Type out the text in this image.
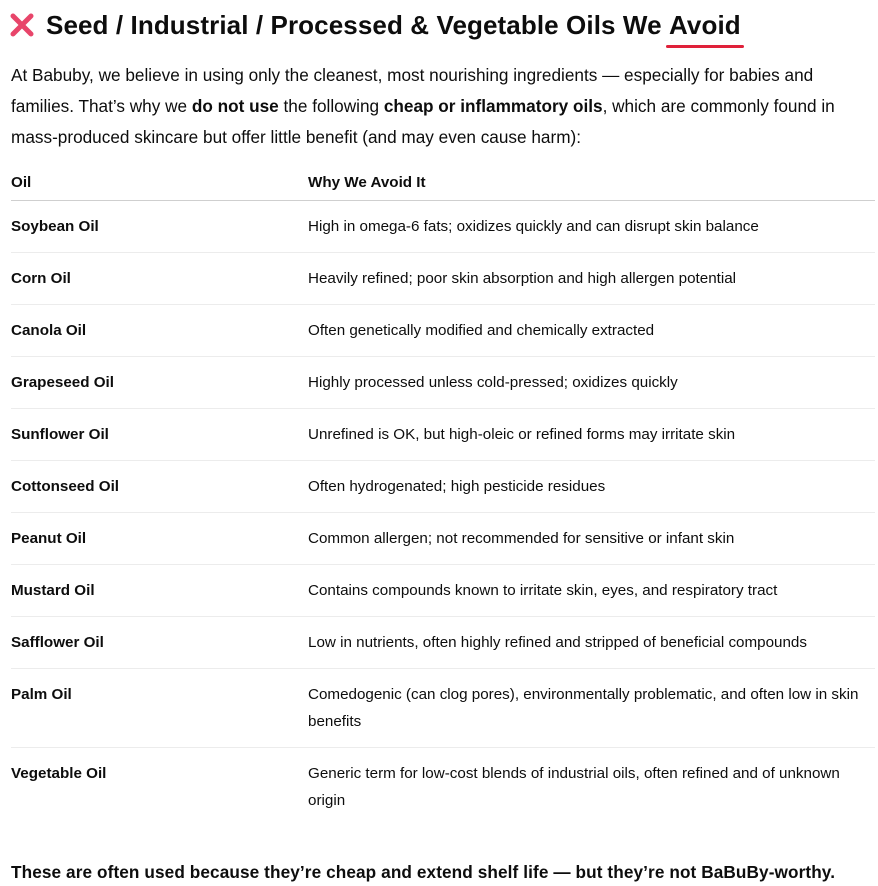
Seed / Industrial / Processed & Vegetable Oils We Avoid

At Babuby, we believe in using only the cleanest, most nourishing ingredients — especially for babies and families. That’s why we do not use the following cheap or inflammatory oils, which are commonly found in mass-produced skincare but offer little benefit (and may even cause harm):

Oil	Why We Avoid It
Soybean Oil	High in omega-6 fats; oxidizes quickly and can disrupt skin balance
Corn Oil	Heavily refined; poor skin absorption and high allergen potential
Canola Oil	Often genetically modified and chemically extracted
Grapeseed Oil	Highly processed unless cold-pressed; oxidizes quickly
Sunflower Oil	Unrefined is OK, but high-oleic or refined forms may irritate skin
Cottonseed Oil	Often hydrogenated; high pesticide residues
Peanut Oil	Common allergen; not recommended for sensitive or infant skin
Mustard Oil	Contains compounds known to irritate skin, eyes, and respiratory tract
Safflower Oil	Low in nutrients, often highly refined and stripped of beneficial compounds
Palm Oil	Comedogenic (can clog pores), environmentally problematic, and often low in skin benefits
Vegetable Oil	Generic term for low-cost blends of industrial oils, often refined and of unknown origin
These are often used because they’re cheap and extend shelf life — but they’re not BaBuBy-worthy.
